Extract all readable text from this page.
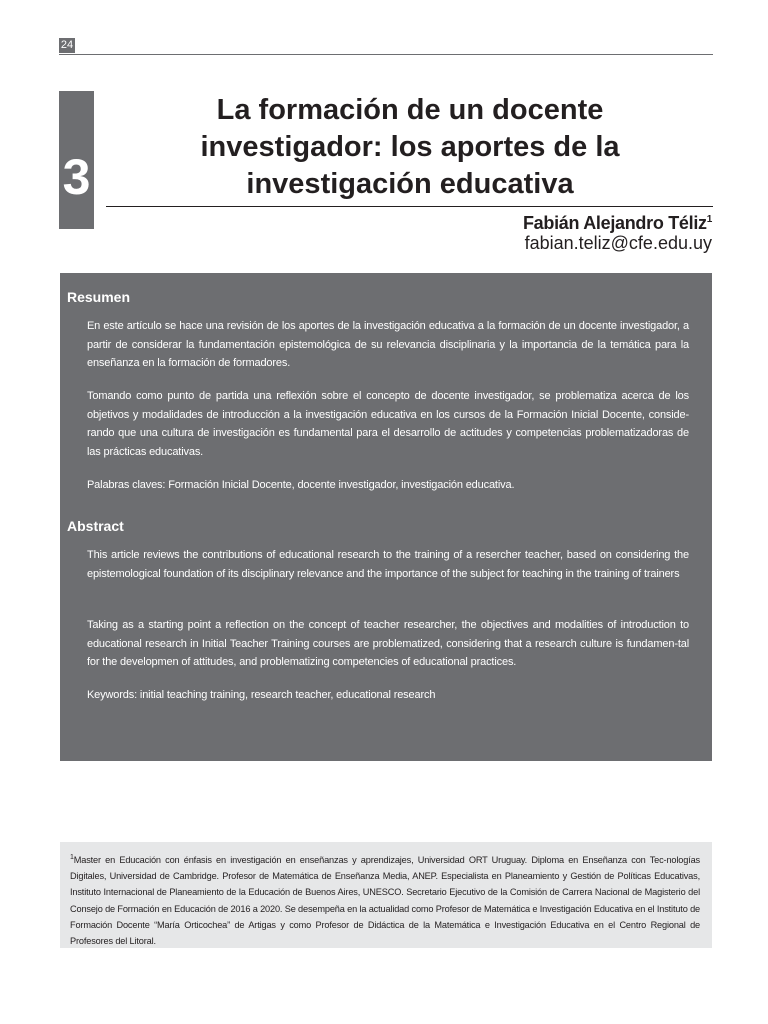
24
3
La formación de un docente
investigador: los aportes de la
investigación educativa
Fabián Alejandro Téliz$^1$
fabian.teliz@cfe.edu.uy
Resumen

En este artículo se hace una revisión de los aportes de la investigación educativa a la formación de un docente investigador, a partir de considerar la fundamentación epistemológica de su relevancia disciplinaria y la importancia de la temática para la enseñanza en la formación de formadores.

Tomando como punto de partida una reflexión sobre el concepto de docente investigador, se problematiza acerca de los objetivos y modalidades de introducción a la investigación educativa en los cursos de la Formación Inicial Docente, conside-rando que una cultura de investigación es fundamental para el desarrollo de actitudes y competencias problematizadoras de las prácticas educativas.

Palabras claves: Formación Inicial Docente, docente investigador, investigación educativa.

Abstract

This article reviews the contributions of educational research to the training of a resercher teacher, based on considering the epistemological foundation of its disciplinary relevance and the importance of the subject for teaching in the training of trainers

Taking as a starting point a reflection on the concept of teacher researcher, the objectives and modalities of introduction to educational research in Initial Teacher Training courses are problematized, considering that a research culture is fundamen-tal for the developmen of attitudes, and problematizing competencies of educational practices.

Keywords: initial teaching training, research teacher, educational research

$^1$Master en Educación con énfasis en investigación en enseñanzas y aprendizajes, Universidad ORT Uruguay. Diploma en Enseñanza con Tec-nologías Digitales, Universidad de Cambridge. Profesor de Matemática de Enseñanza Media, ANEP. Especialista en Planeamiento y Gestión de Políticas Educativas, Instituto Internacional de Planeamiento de la Educación de Buenos Aires, UNESCO. Secretario Ejecutivo de la Comisión de Carrera Nacional de Magisterio del Consejo de Formación en Educación de 2016 a 2020. Se desempeña en la actualidad como Profesor de Matemática e Investigación Educativa en el Instituto de Formación Docente “María Orticochea” de Artigas y como Profesor de Didáctica de la Matemática e Investigación Educativa en el Centro Regional de Profesores del Litoral.
